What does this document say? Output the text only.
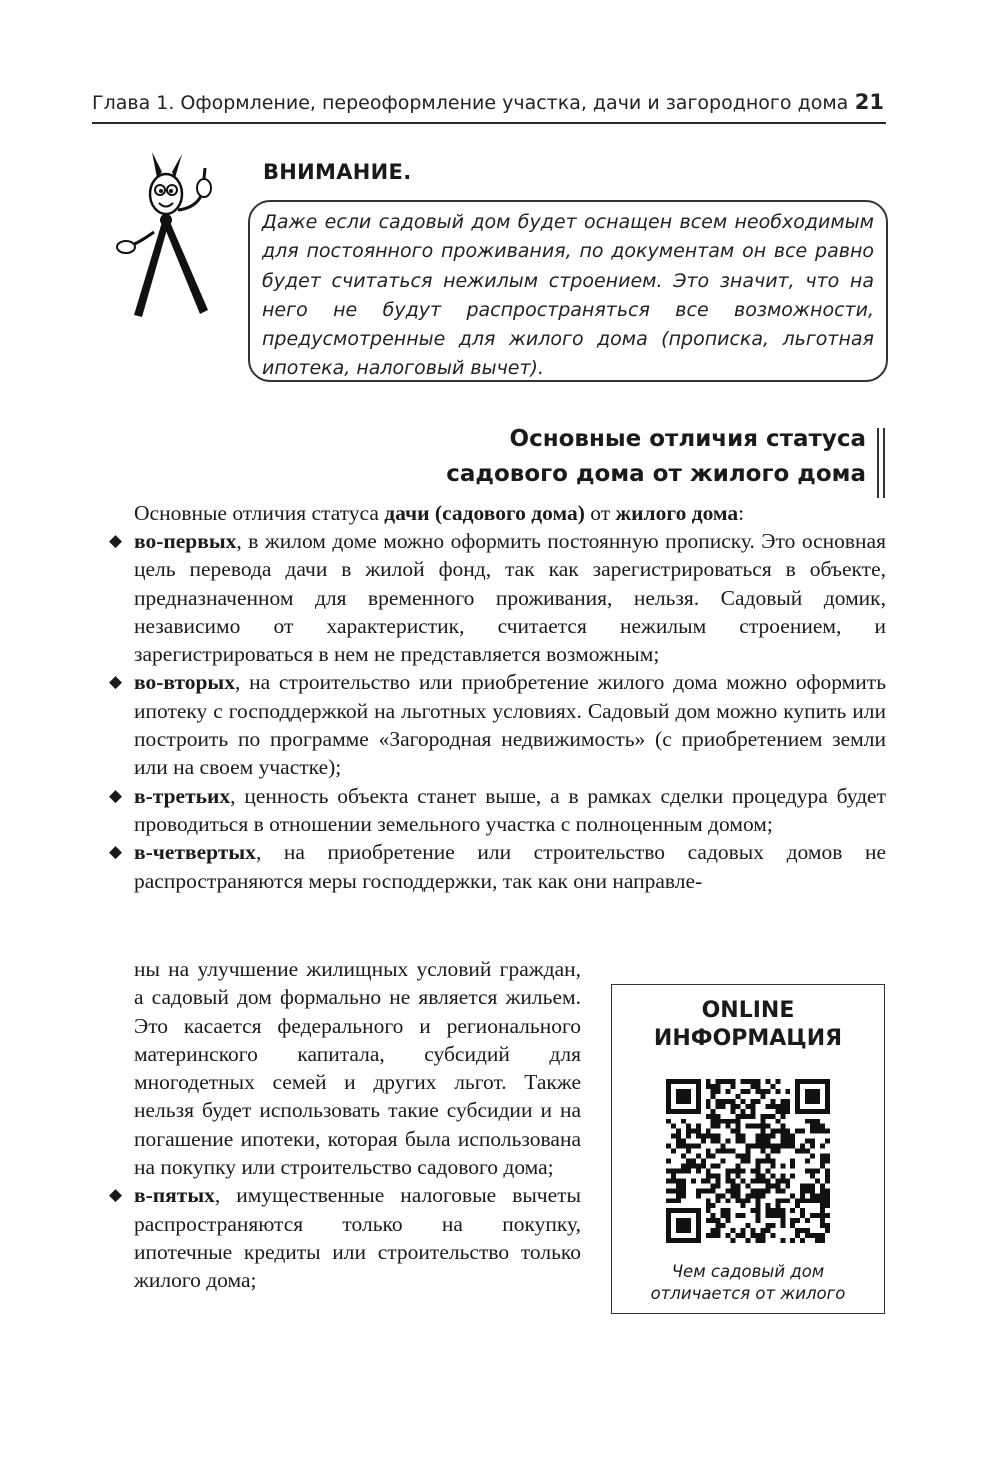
Глава 1. Оформление, переоформление участка, дачи и загородного дома 21
ВНИМАНИЕ.
Даже если садовый дом будет оснащен всем необходимым для постоянного проживания, по документам он все равно будет считаться нежилым строением. Это значит, что на него не будут распространяться все возможности, предусмотренные для жилого дома (прописка, льготная ипотека, налоговый вычет).
Основные отличия статуса
садового дома от жилого дома
Основные отличия статуса дачи (садового дома) от жилого дома:
◆ во-первых, в жилом доме можно оформить постоянную прописку. Это основная цель перевода дачи в жилой фонд, так как зарегистрироваться в объекте, предназначенном для временного проживания, нельзя. Садовый домик, независимо от характеристик, считается нежилым строением, и зарегистрироваться в нем не представляется возможным;
◆ во-вторых, на строительство или приобретение жилого дома можно оформить ипотеку с господдержкой на льготных условиях. Садовый дом можно купить или построить по программе «Загородная недвижимость» (с приобретением земли или на своем участке);
◆ в-третьих, ценность объекта станет выше, а в рамках сделки процедура будет проводиться в отношении земельного участка с полноценным домом;
◆ в-четвертых, на приобретение или строительство садовых домов не распространяются меры господдержки, так как они направле-
ны на улучшение жилищных условий граждан, а садовый дом формально не является жильем. Это касается федерального и регионального материнского капитала, субсидий для многодетных семей и других льгот. Также нельзя будет использовать такие субсидии и на погашение ипотеки, которая была использована на покупку или строительство садового дома;
◆ в-пятых, имущественные налоговые вычеты распространяются только на покупку, ипотечные кредиты или строительство только жилого дома;
ONLINE
ИНФОРМАЦИЯ
Чем садовый дом
отличается от жилого
